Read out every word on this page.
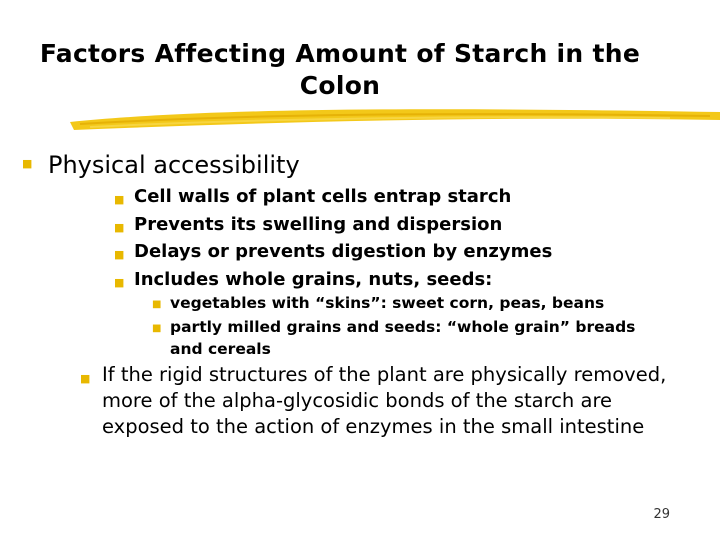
Factors Affecting Amount of Starch in the Colon
■ Physical accessibility
■ Cell walls of plant cells entrap starch
■ Prevents its swelling and dispersion
■ Delays or prevents digestion by enzymes
■ Includes whole grains, nuts, seeds:
■ vegetables with “skins”: sweet corn, peas, beans
■ partly milled grains and seeds: “whole grain” breads and cereals
■ If the rigid structures of the plant are physically removed, more of the alpha-glycosidic bonds of the starch are exposed to the action of enzymes in the small intestine
29
